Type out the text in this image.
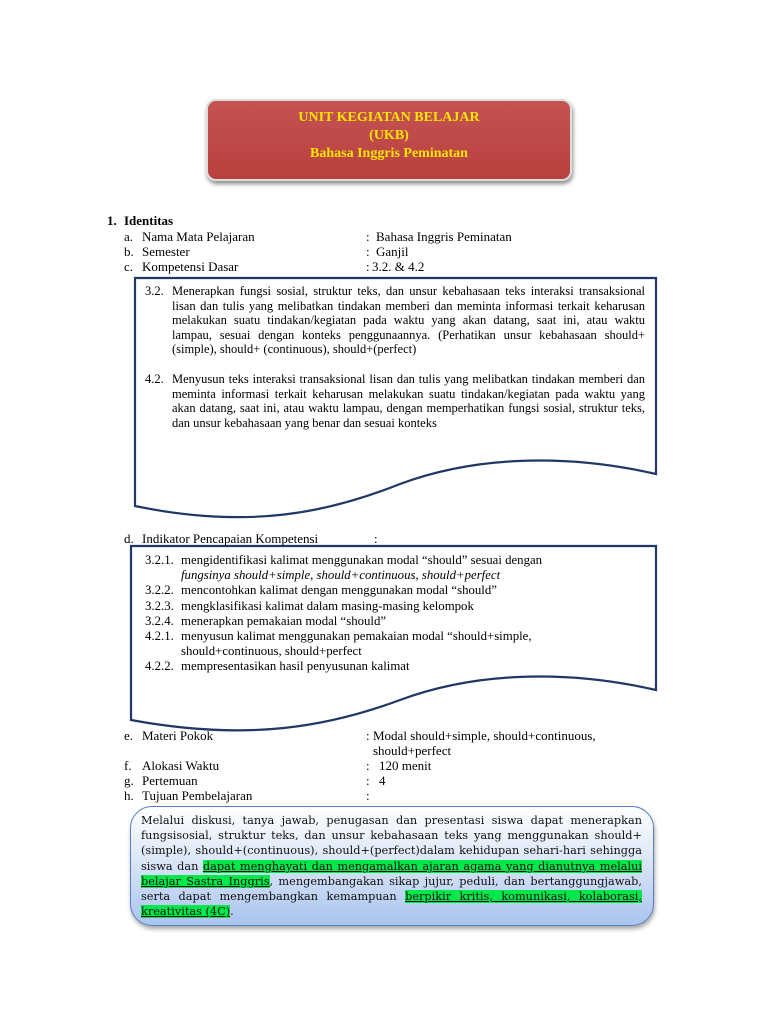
UNIT KEGIATAN BELAJAR
(UKB)
Bahasa Inggris Peminatan
1. Identitas
a. Nama Mata Pelajaran	: Bahasa Inggris Peminatan
b. Semester	: Ganjil
c. Kompetensi Dasar	: 3.2. & 4.2
3.2. Menerapkan fungsi sosial, struktur teks, dan unsur kebahasaan teks interaksi transaksional lisan dan tulis yang melibatkan tindakan memberi dan meminta informasi terkait keharusan melakukan suatu tindakan/kegiatan pada waktu yang akan datang, saat ini, atau waktu lampau, sesuai dengan konteks penggunaannya. (Perhatikan unsur kebahasaan should+(simple), should+ (continuous), should+(perfect)

4.2. Menyusun teks interaksi transaksional lisan dan tulis yang melibatkan tindakan memberi dan meminta informasi terkait keharusan melakukan suatu tindakan/kegiatan pada waktu yang akan datang, saat ini, atau waktu lampau, dengan memperhatikan fungsi sosial, struktur teks, dan unsur kebahasaan yang benar dan sesuai konteks

d. Indikator Pencapaian Kompetensi	:
3.2.1. mengidentifikasi kalimat menggunakan modal “should” sesuai dengan
fungsinya should+simple, should+continuous, should+perfect
3.2.2. mencontohkan kalimat dengan menggunakan modal “should”
3.2.3. mengklasifikasi kalimat dalam masing-masing kelompok
3.2.4. menerapkan pemakaian modal “should”
4.2.1. menyusun kalimat menggunakan pemakaian modal “should+simple,
should+continuous, should+perfect
4.2.2. mempresentasikan hasil penyusunan kalimat
e. Materi Pokok	: Modal should+simple, should+continuous,
should+perfect
f. Alokasi Waktu	: 120 menit
g. Pertemuan	: 4
h. Tujuan Pembelajaran	:
Melalui diskusi, tanya jawab, penugasan dan presentasi siswa dapat menerapkan fungsisosial, struktur teks, dan unsur kebahasaan teks yang menggunakan should+ (simple), should+(continuous), should+(perfect)dalam kehidupan sehari-hari sehingga siswa dan dapat menghayati dan mengamalkan ajaran agama yang dianutnya melalui belajar Sastra Inggris, mengembangakan sikap jujur, peduli, dan bertanggungjawab, serta dapat mengembangkan kemampuan berpikir kritis, komunikasi, kolaborasi, kreativitas (4C).
